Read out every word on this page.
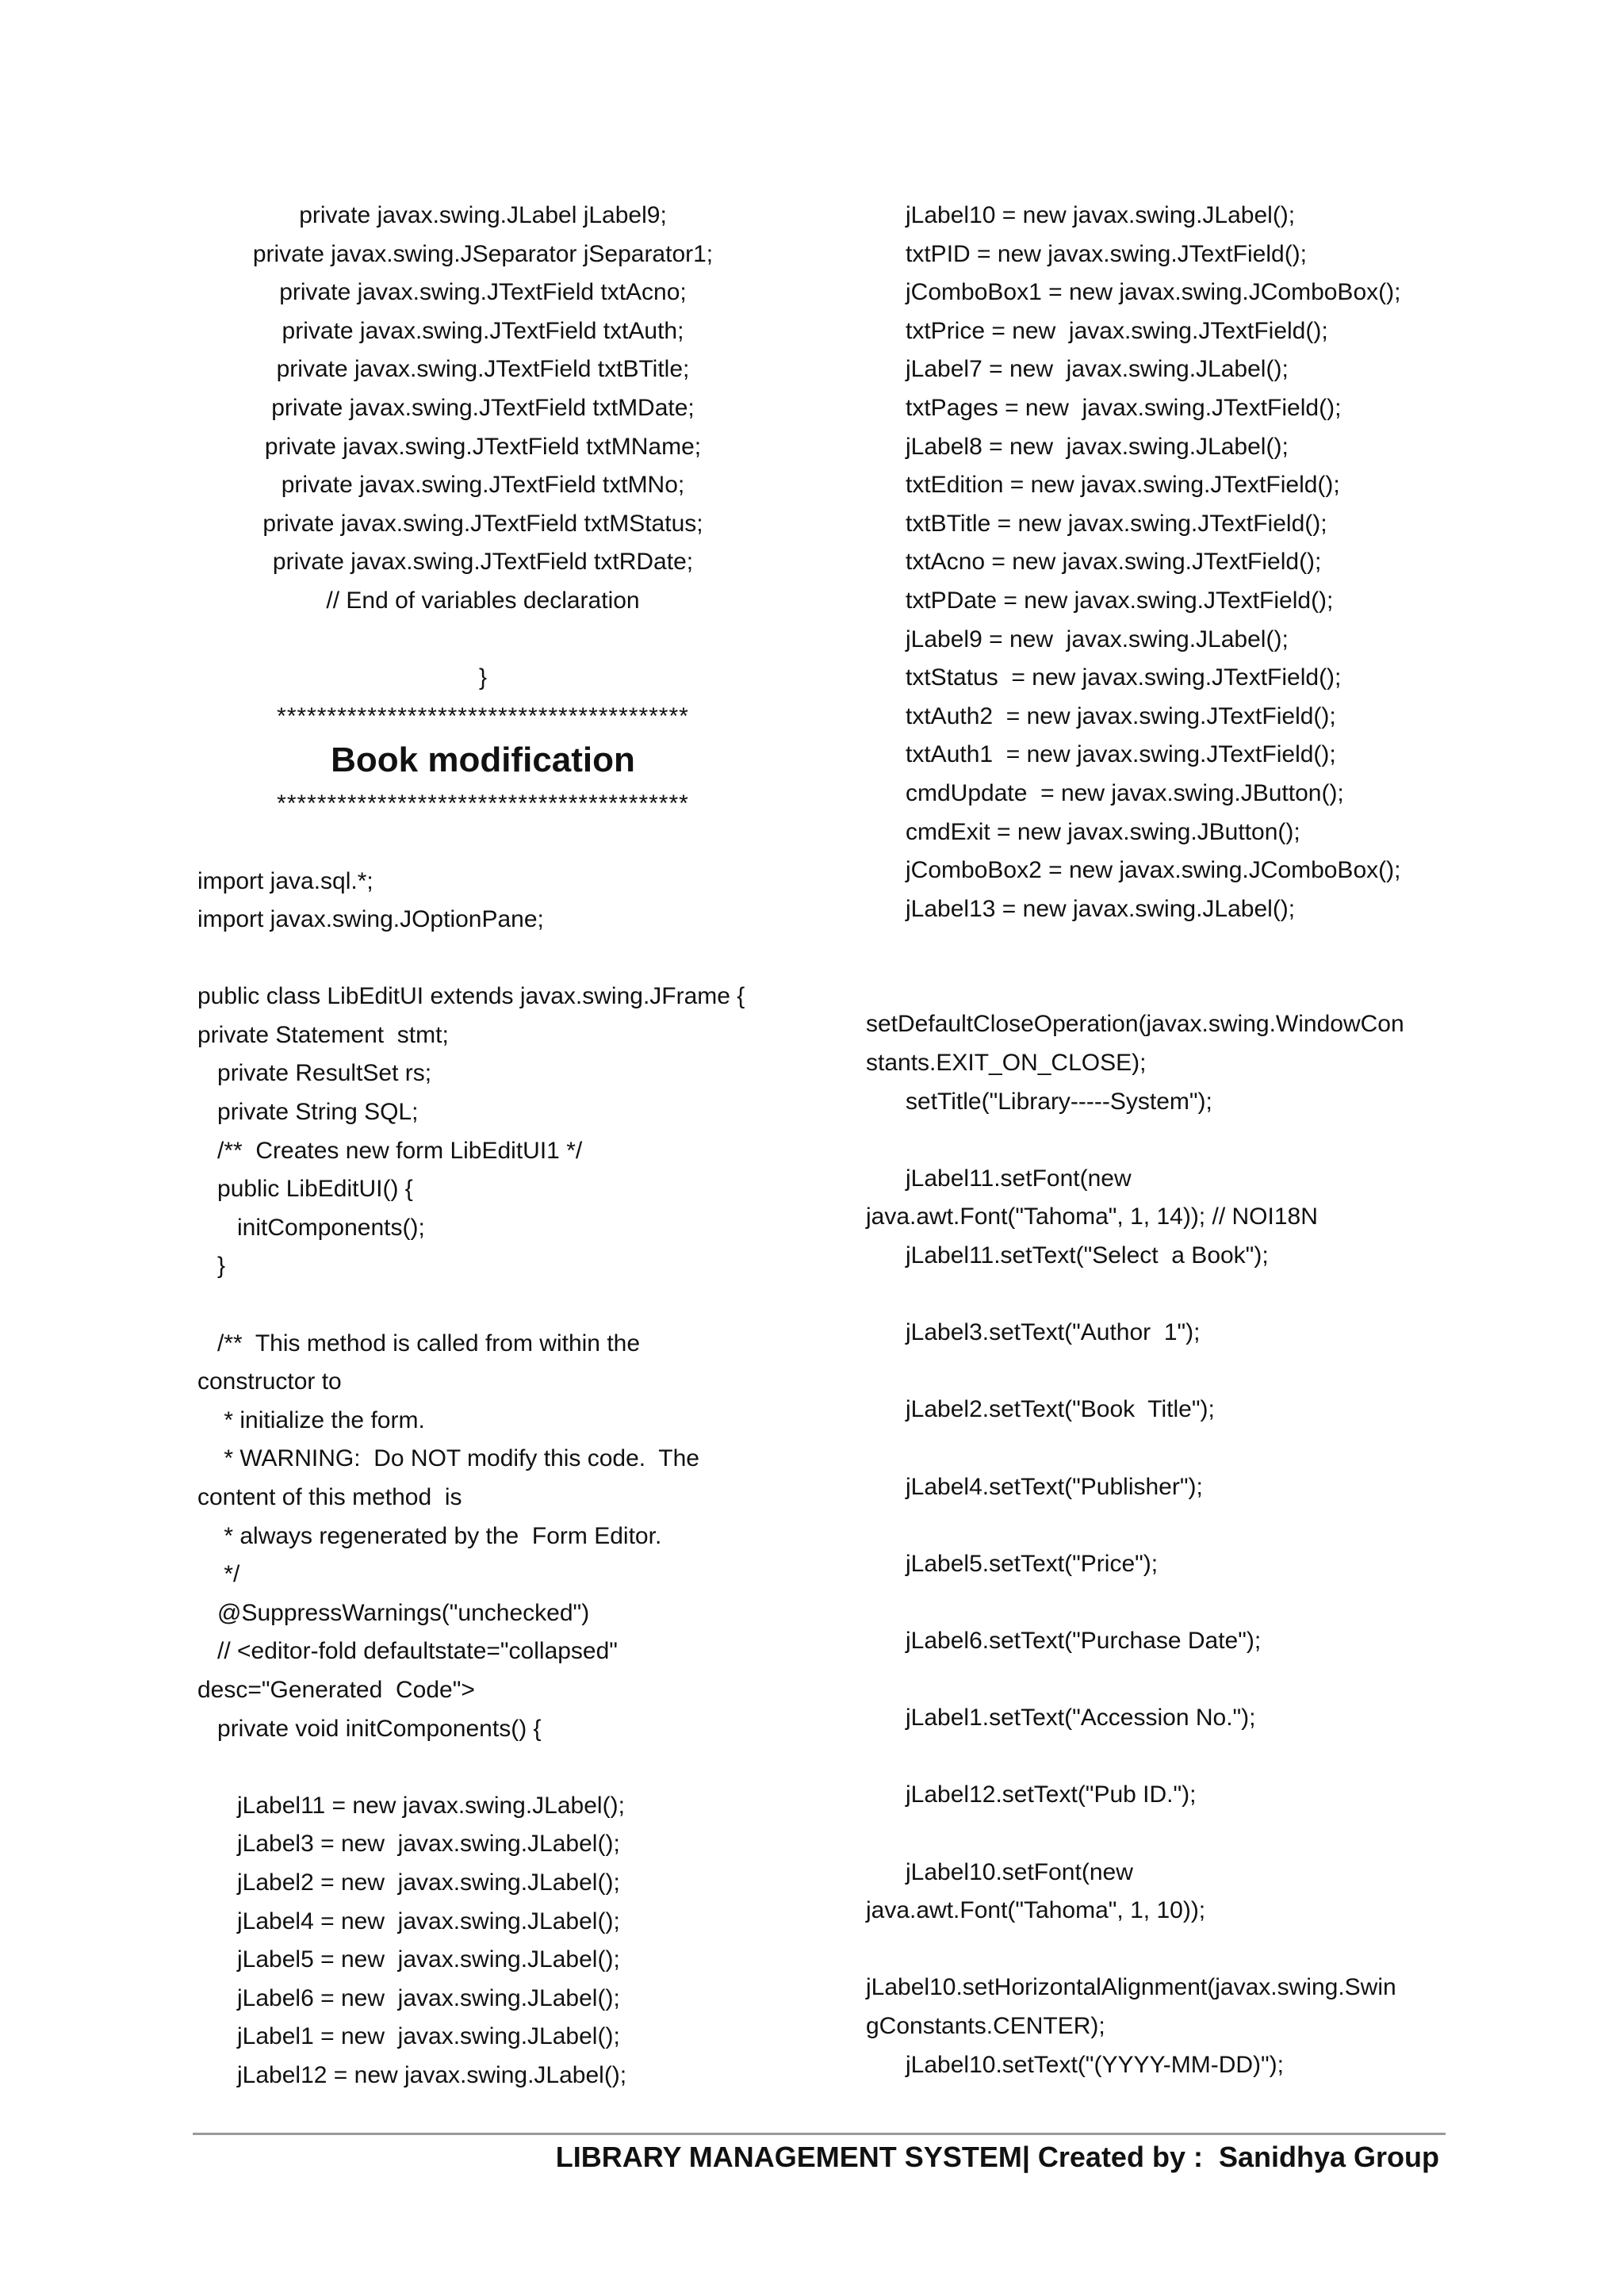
private javax.swing.JLabel jLabel9;
private javax.swing.JSeparator jSeparator1;
private javax.swing.JTextField txtAcno;
private javax.swing.JTextField txtAuth;
private javax.swing.JTextField txtBTitle;
private javax.swing.JTextField txtMDate;
private javax.swing.JTextField txtMName;
private javax.swing.JTextField txtMNo;
private javax.swing.JTextField txtMStatus;
private javax.swing.JTextField txtRDate;
// End of variables declaration
}
*****************************************
Book modification
*****************************************
import java.sql.*;
import javax.swing.JOptionPane;
public class LibEditUI extends javax.swing.JFrame {
private Statement  stmt;
private ResultSet rs;
private String SQL;
/**  Creates new form LibEditUI1 */
public LibEditUI() {
initComponents();
}
/**  This method is called from within the
constructor to
* initialize the form.
* WARNING:  Do NOT modify this code.  The
content of this method  is
* always regenerated by the  Form Editor.
*/
@SuppressWarnings("unchecked")
// <editor-fold defaultstate="collapsed"
desc="Generated  Code">
private void initComponents() {
jLabel11 = new javax.swing.JLabel();
jLabel3 = new  javax.swing.JLabel();
jLabel2 = new  javax.swing.JLabel();
jLabel4 = new  javax.swing.JLabel();
jLabel5 = new  javax.swing.JLabel();
jLabel6 = new  javax.swing.JLabel();
jLabel1 = new  javax.swing.JLabel();
jLabel12 = new javax.swing.JLabel();
jLabel10 = new javax.swing.JLabel();
txtPID = new javax.swing.JTextField();
jComboBox1 = new javax.swing.JComboBox();
txtPrice = new  javax.swing.JTextField();
jLabel7 = new  javax.swing.JLabel();
txtPages = new  javax.swing.JTextField();
jLabel8 = new  javax.swing.JLabel();
txtEdition = new javax.swing.JTextField();
txtBTitle = new javax.swing.JTextField();
txtAcno = new javax.swing.JTextField();
txtPDate = new javax.swing.JTextField();
jLabel9 = new  javax.swing.JLabel();
txtStatus  = new javax.swing.JTextField();
txtAuth2  = new javax.swing.JTextField();
txtAuth1  = new javax.swing.JTextField();
cmdUpdate  = new javax.swing.JButton();
cmdExit = new javax.swing.JButton();
jComboBox2 = new javax.swing.JComboBox();
jLabel13 = new javax.swing.JLabel();
setDefaultCloseOperation(javax.swing.WindowCon
stants.EXIT_ON_CLOSE);
setTitle("Library-----System");
jLabel11.setFont(new
java.awt.Font("Tahoma", 1, 14)); // NOI18N
jLabel11.setText("Select  a Book");
jLabel3.setText("Author  1");
jLabel2.setText("Book  Title");
jLabel4.setText("Publisher");
jLabel5.setText("Price");
jLabel6.setText("Purchase Date");
jLabel1.setText("Accession No.");
jLabel12.setText("Pub ID.");
jLabel10.setFont(new
java.awt.Font("Tahoma", 1, 10));
jLabel10.setHorizontalAlignment(javax.swing.Swin
gConstants.CENTER);
jLabel10.setText("(YYYY-MM-DD)");
LIBRARY MANAGEMENT SYSTEM| Created by :  Sanidhya Group
